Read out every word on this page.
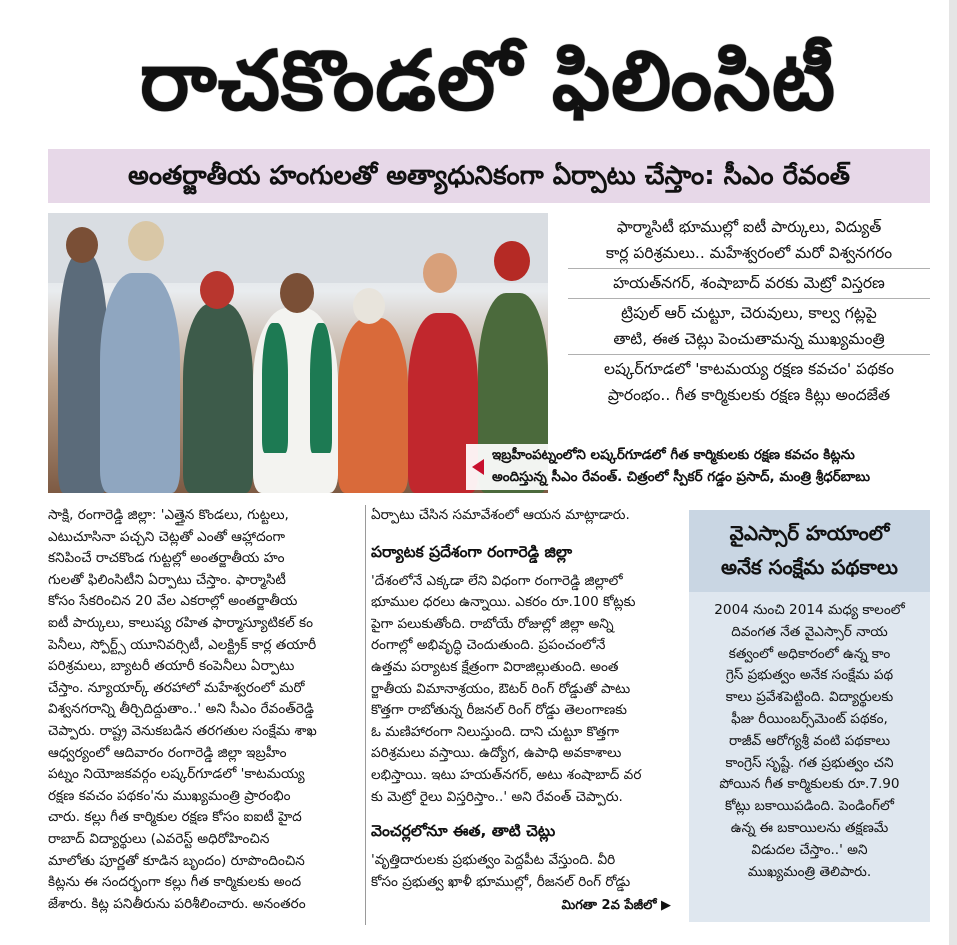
రాచకొండలో ఫిలింసిటీ
అంతర్జాతీయ హంగులతో అత్యాధునికంగా ఏర్పాటు చేస్తాం: సీఎం రేవంత్
ఇబ్రహీంపట్నంలోని లష్కర్‌గూడలో గీత కార్మికులకు రక్షణ కవచం కిట్లను
అందిస్తున్న సీఎం రేవంత్. చిత్రంలో స్పీకర్ గడ్డం ప్రసాద్, మంత్రి శ్రీధర్‌బాబు
ఫార్మాసిటీ భూముల్లో ఐటీ పార్కులు, విద్యుత్
కార్ల పరిశ్రమలు.. మహేశ్వరంలో మరో విశ్వనగరం
హయత్‌నగర్, శంషాబాద్ వరకు మెట్రో విస్తరణ
ట్రిపుల్ ఆర్ చుట్టూ, చెరువులు, కాల్వ గట్లపై
తాటి, ఈత చెట్లు పెంచుతామన్న ముఖ్యమంత్రి
లష్కర్‌గూడలో 'కాటమయ్య రక్షణ కవచం' పథకం
ప్రారంభం.. గీత కార్మికులకు రక్షణ కిట్లు అందజేత

సాక్షి, రంగారెడ్డి జిల్లా: 'ఎత్తైన కొండలు, గుట్టలు,

ఎటుచూసినా పచ్చని చెట్లతో ఎంతో ఆహ్లాదంగా

కనిపించే రాచకొండ గుట్టల్లో అంతర్జాతీయ హం

గులతో ఫిలింసిటీని ఏర్పాటు చేస్తాం. ఫార్మాసిటీ

కోసం సేకరించిన 20 వేల ఎకరాల్లో అంతర్జాతీయ

ఐటీ పార్కులు, కాలుష్య రహిత ఫార్మాస్యూటికల్ కం

పెనీలు, స్పోర్ట్స్ యూనివర్సిటీ, ఎలక్ట్రిక్ కార్ల తయారీ

పరిశ్రమలు, బ్యాటరీ తయారీ కంపెనీలు ఏర్పాటు

చేస్తాం. న్యూయార్క్ తరహాలో మహేశ్వరంలో మరో

విశ్వనగరాన్ని తీర్చిదిద్దుతాం..' అని సీఎం రేవంత్‌రెడ్డి

చెప్పారు. రాష్ట్ర వెనుకబడిన తరగతుల సంక్షేమ శాఖ

ఆధ్వర్యంలో ఆదివారం రంగారెడ్డి జిల్లా ఇబ్రహీం

పట్నం నియోజకవర్గం లష్కర్‌గూడలో 'కాటమయ్య

రక్షణ కవచం పథకం'ను ముఖ్యమంత్రి ప్రారంభిం

చారు. కల్లు గీత కార్మికుల రక్షణ కోసం ఐఐటీ హైద

రాబాద్ విద్యార్థులు (ఎవరెస్ట్ అధిరోహించిన

మాలోతు పూర్ణతో కూడిన బృందం) రూపొందించిన

కిట్లను ఈ సందర్భంగా కల్లు గీత కార్మికులకు అంద

జేశారు. కిట్ల పనితీరును పరిశీలించారు. అనంతరం

ఏర్పాటు చేసిన సమావేశంలో ఆయన మాట్లాడారు.

పర్యాటక ప్రదేశంగా రంగారెడ్డి జిల్లా

'దేశంలోనే ఎక్కడా లేని విధంగా రంగారెడ్డి జిల్లాలో

భూముల ధరలు ఉన్నాయి. ఎకరం రూ.100 కోట్లకు

పైగా పలుకుతోంది. రాబోయే రోజుల్లో జిల్లా అన్ని

రంగాల్లో అభివృద్ధి చెందుతుంది. ప్రపంచంలోనే

ఉత్తమ పర్యాటక క్షేత్రంగా విరాజిల్లుతుంది. అంత

ర్జాతీయ విమానాశ్రయం, ఔటర్ రింగ్ రోడ్డుతో పాటు

కొత్తగా రాబోతున్న రీజనల్ రింగ్ రోడ్డు తెలంగాణకు

ఓ మణిహారంగా నిలుస్తుంది. దాని చుట్టూ కొత్తగా

పరిశ్రమలు వస్తాయి. ఉద్యోగ, ఉపాధి అవకాశాలు

లభిస్తాయి. ఇటు హయత్‌నగర్, అటు శంషాబాద్ వర

కు మెట్రో రైలు విస్తరిస్తాం..' అని రేవంత్ చెప్పారు.

వెంచర్లలోనూ ఈత, తాటి చెట్లు

'వృత్తిదారులకు ప్రభుత్వం పెద్దపీట వేస్తుంది. వీరి

కోసం ప్రభుత్వ ఖాళీ భూముల్లో, రీజనల్ రింగ్ రోడ్డు

మిగతా 2వ పేజీలో ▶

వైఎస్సార్ హయాంలో
అనేక సంక్షేమ పథకాలు

2004 నుంచి 2014 మధ్య కాలంలో

దివంగత నేత వైఎస్సార్ నాయ

కత్వంలో అధికారంలో ఉన్న కాం

గ్రెస్ ప్రభుత్వం అనేక సంక్షేమ పథ

కాలు ప్రవేశపెట్టింది. విద్యార్థులకు

ఫీజు రీయింబర్స్‌మెంట్ పథకం,

రాజీవ్ ఆరోగ్యశ్రీ వంటి పథకాలు

కాంగ్రెస్ సృష్టే. గత ప్రభుత్వం చని

పోయిన గీత కార్మికులకు రూ.7.90

కోట్లు బకాయిపడింది. పెండింగ్‌లో

ఉన్న ఈ బకాయిలను తక్షణమే

విడుదల చేస్తాం..' అని

ముఖ్యమంత్రి తెలిపారు.
